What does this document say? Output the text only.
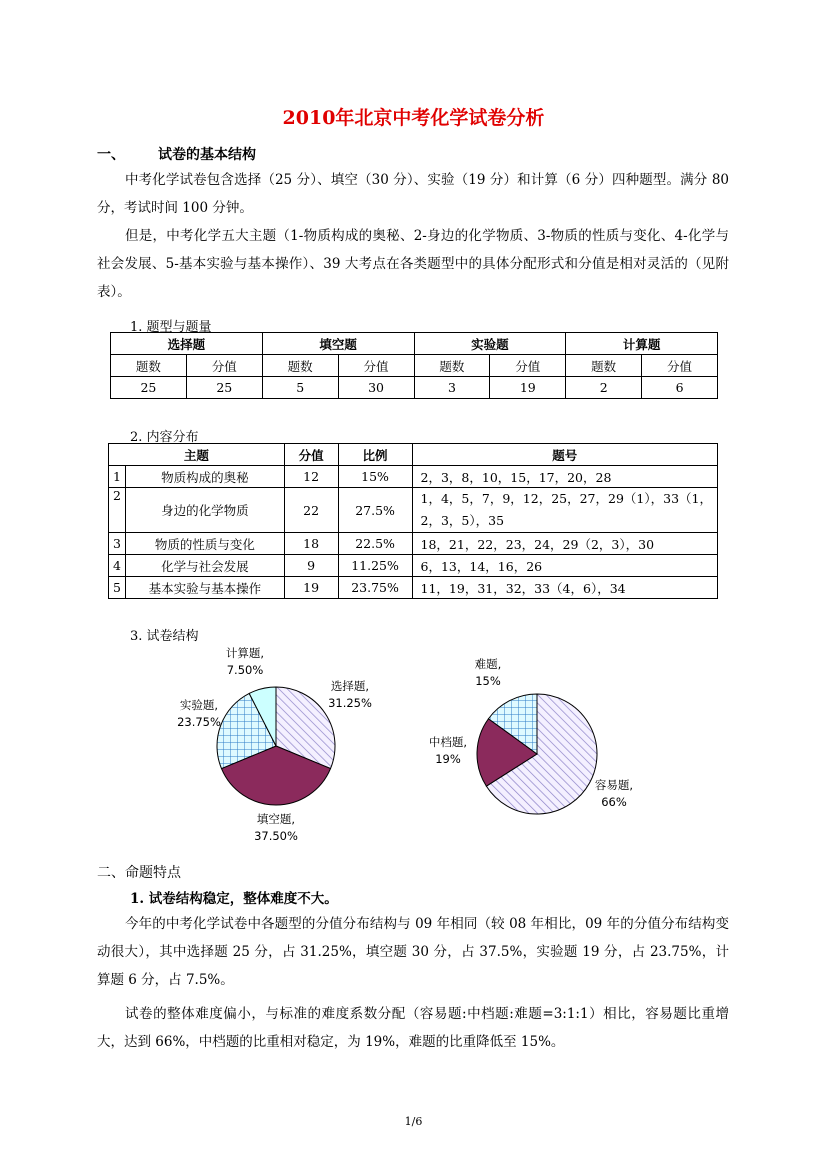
2010年北京中考化学试卷分析
一、 试卷的基本结构

中考化学试卷包含选择（25 分）、填空（30 分）、实验（19 分）和计算（6 分）四种题型。满分 80 分，考试时间 100 分钟。

但是，中考化学五大主题（1-物质构成的奥秘、2-身边的化学物质、3-物质的性质与变化、4-化学与社会发展、5-基本实验与基本操作）、39 大考点在各类题型中的具体分配形式和分值是相对灵活的（见附表）。

1. 题型与题量
选择题		填空题		实验题		计算题	
题数	分值	题数	分值	题数	分值	题数	分值
25	25	5	30	3	19	2	6
2. 内容分布
主题		分值	比例	题号
1	物质构成的奥秘	12	15%	2，3，8，10，15，17，20，28
2	身边的化学物质	22	27.5%	1，4，5，7，9，12，25，27，29（1），33（1，2，3，5），35
3	物质的性质与变化	18	22.5%	18，21，22，23，24，29（2，3），30
4	化学与社会发展	9	11.25%	6，13，14，16，26
5	基本实验与基本操作	19	23.75%	11，19，31，32，33（4，6），34
3. 试卷结构
计算题,
7.50%
选择题,
31.25%
实验题,
23.75%
填空题,
37.50%
难题,
15%
中档题,
19%
容易题,
66%
二、命题特点
1. 试卷结构稳定，整体难度不大。

今年的中考化学试卷中各题型的分值分布结构与 09 年相同（较 08 年相比，09 年的分值分布结构变动很大），其中选择题 25 分，占 31.25%，填空题 30 分，占 37.5%，实验题 19 分，占 23.75%，计算题 6 分，占 7.5%。

试卷的整体难度偏小，与标准的难度系数分配（容易题:中档题:难题=3:1:1）相比，容易题比重增大，达到 66%，中档题的比重相对稳定，为 19%，难题的比重降低至 15%。

1/6
